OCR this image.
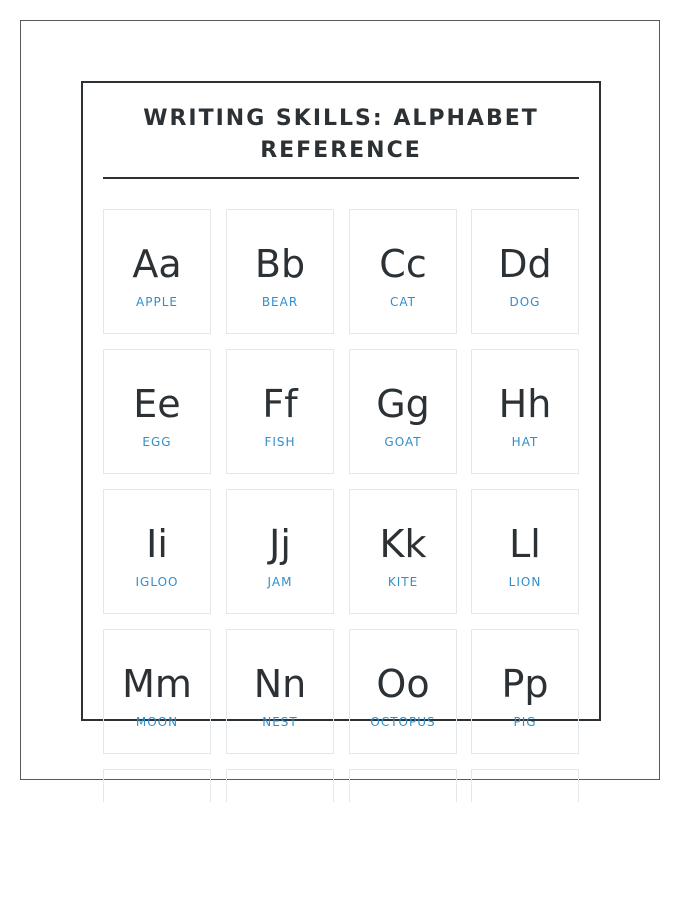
WRITING SKILLS: ALPHABET
REFERENCE
Aa
APPLE
Bb
BEAR
Cc
CAT
Dd
DOG
Ee
EGG
Ff
FISH
Gg
GOAT
Hh
HAT
Ii
IGLOO
Jj
JAM
Kk
KITE
Ll
LION
Mm
MOON
Nn
NEST
Oo
OCTOPUS
Pp
PIG
